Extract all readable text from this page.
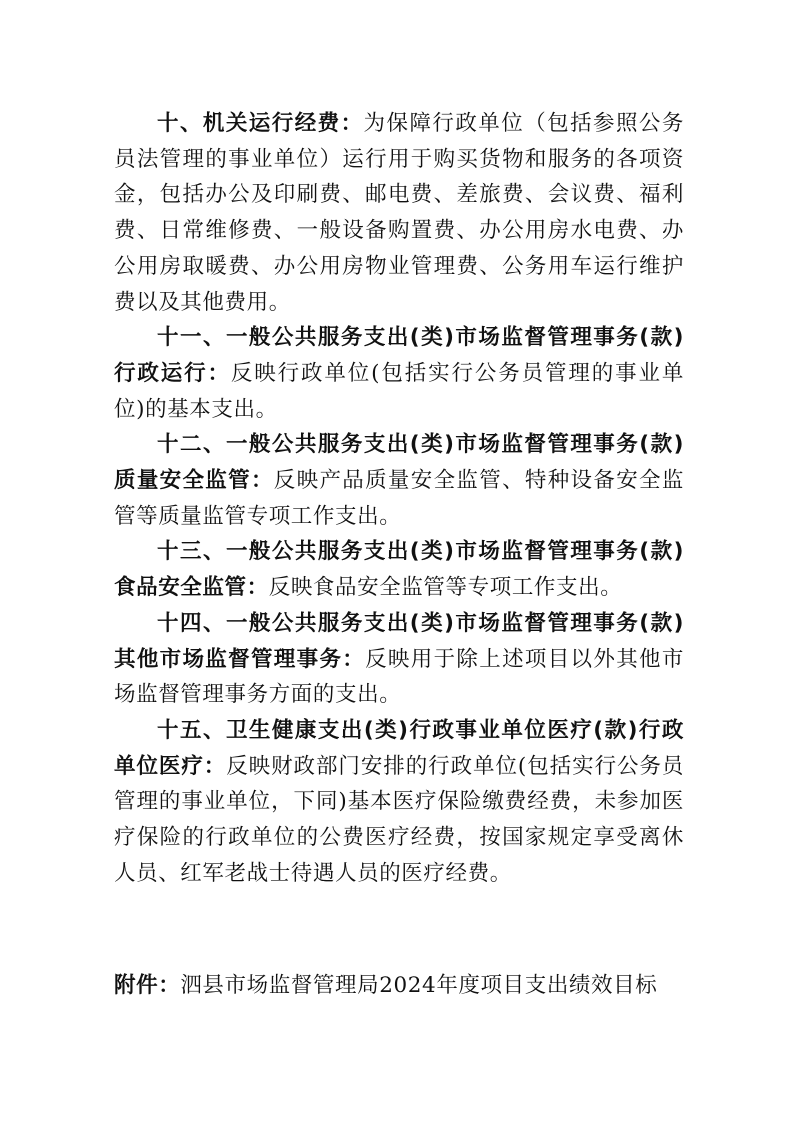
十、机关运行经费：为保障行政单位（包括参照公务员法管理的事业单位）运行用于购买货物和服务的各项资金，包括办公及印刷费、邮电费、差旅费、会议费、福利费、日常维修费、一般设备购置费、办公用房水电费、办公用房取暖费、办公用房物业管理费、公务用车运行维护费以及其他费用。

十一、一般公共服务支出(类)市场监督管理事务(款)行政运行：反映行政单位(包括实行公务员管理的事业单位)的基本支出。

十二、一般公共服务支出(类)市场监督管理事务(款)质量安全监管：反映产品质量安全监管、特种设备安全监管等质量监管专项工作支出。

十三、一般公共服务支出(类)市场监督管理事务(款)食品安全监管：反映食品安全监管等专项工作支出。

十四、一般公共服务支出(类)市场监督管理事务(款)其他市场监督管理事务：反映用于除上述项目以外其他市场监督管理事务方面的支出。

十五、卫生健康支出(类)行政事业单位医疗(款)行政单位医疗：反映财政部门安排的行政单位(包括实行公务员管理的事业单位，下同)基本医疗保险缴费经费，未参加医疗保险的行政单位的公费医疗经费，按国家规定享受离休人员、红军老战士待遇人员的医疗经费。

附件：泗县市场监督管理局2024年度项目支出绩效目标
